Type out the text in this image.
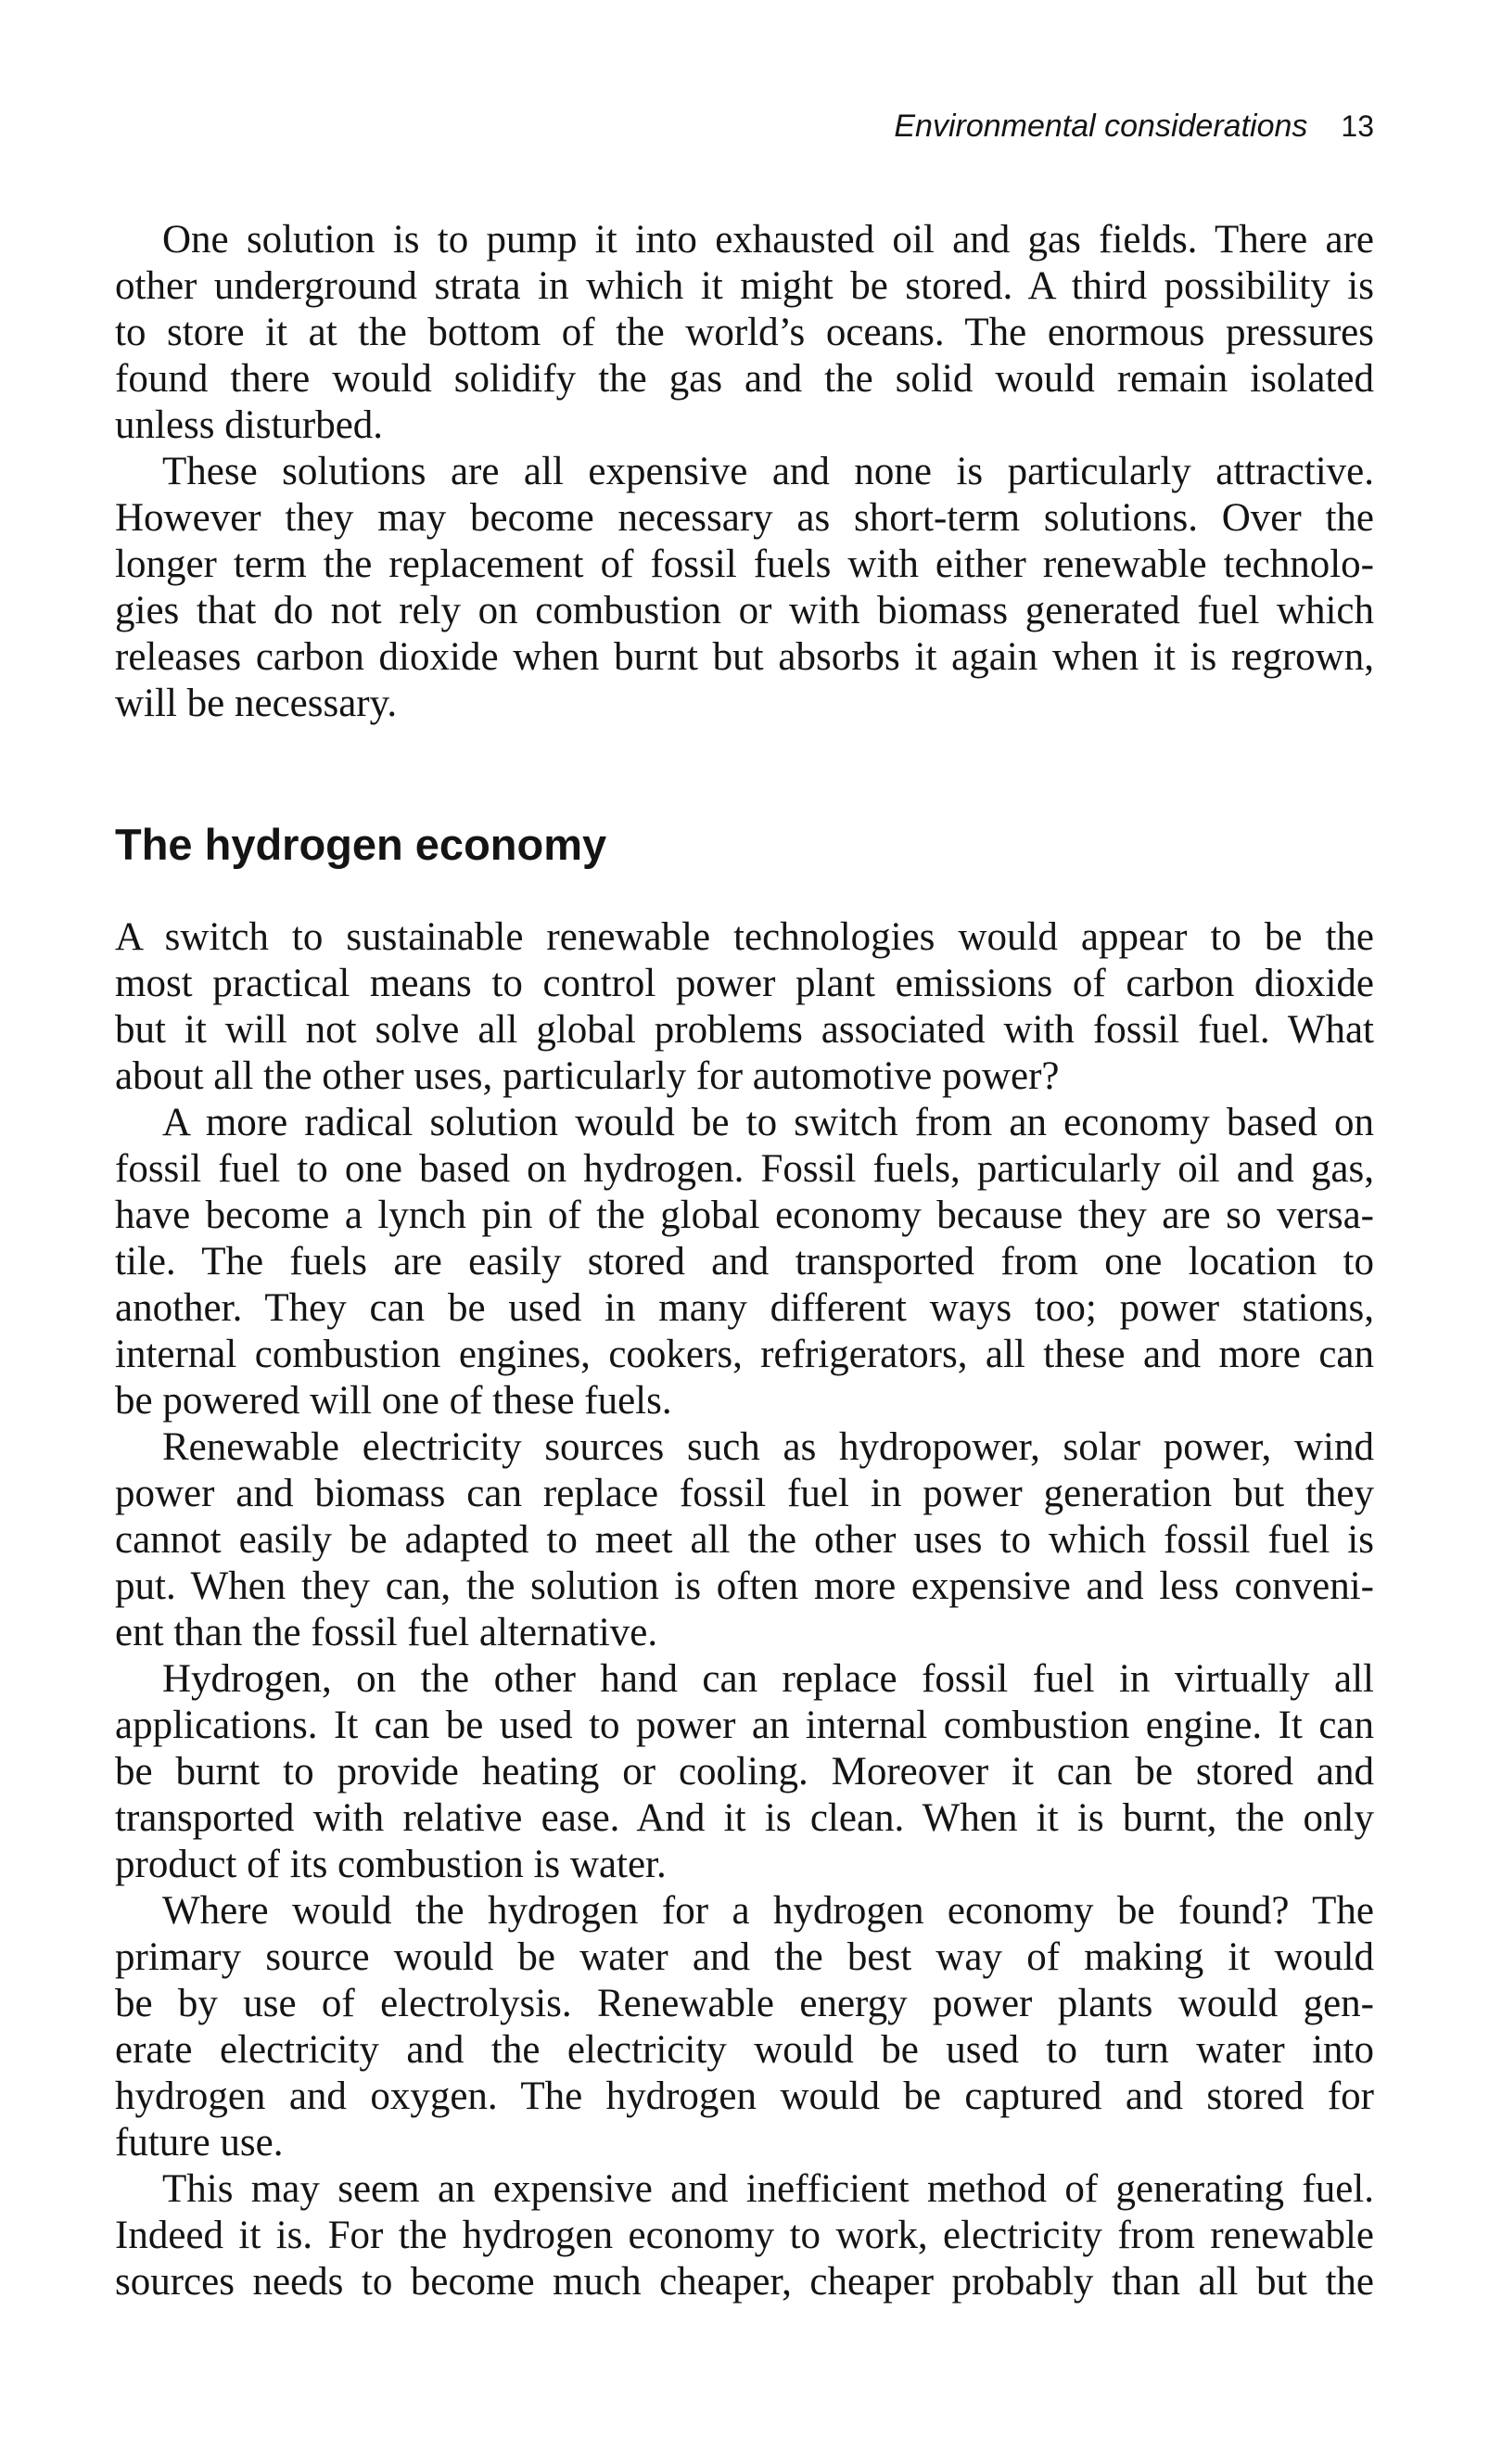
Environmental considerations 13
One solution is to pump it into exhausted oil and gas fields. There are
other underground strata in which it might be stored. A third possibility is
to store it at the bottom of the world’s oceans. The enormous pressures
found there would solidify the gas and the solid would remain isolated
unless disturbed.
These solutions are all expensive and none is particularly attractive.
However they may become necessary as short-term solutions. Over the
longer term the replacement of fossil fuels with either renewable technolo-
gies that do not rely on combustion or with biomass generated fuel which
releases carbon dioxide when burnt but absorbs it again when it is regrown,
will be necessary.
The hydrogen economy
A switch to sustainable renewable technologies would appear to be the
most practical means to control power plant emissions of carbon dioxide
but it will not solve all global problems associated with fossil fuel. What
about all the other uses, particularly for automotive power?
A more radical solution would be to switch from an economy based on
fossil fuel to one based on hydrogen. Fossil fuels, particularly oil and gas,
have become a lynch pin of the global economy because they are so versa-
tile. The fuels are easily stored and transported from one location to
another. They can be used in many different ways too; power stations,
internal combustion engines, cookers, refrigerators, all these and more can
be powered will one of these fuels.
Renewable electricity sources such as hydropower, solar power, wind
power and biomass can replace fossil fuel in power generation but they
cannot easily be adapted to meet all the other uses to which fossil fuel is
put. When they can, the solution is often more expensive and less conveni-
ent than the fossil fuel alternative.
Hydrogen, on the other hand can replace fossil fuel in virtually all
applications. It can be used to power an internal combustion engine. It can
be burnt to provide heating or cooling. Moreover it can be stored and
transported with relative ease. And it is clean. When it is burnt, the only
product of its combustion is water.
Where would the hydrogen for a hydrogen economy be found? The
primary source would be water and the best way of making it would
be by use of electrolysis. Renewable energy power plants would gen-
erate electricity and the electricity would be used to turn water into
hydrogen and oxygen. The hydrogen would be captured and stored for
future use.
This may seem an expensive and inefficient method of generating fuel.
Indeed it is. For the hydrogen economy to work, electricity from renewable
sources needs to become much cheaper, cheaper probably than all but the
